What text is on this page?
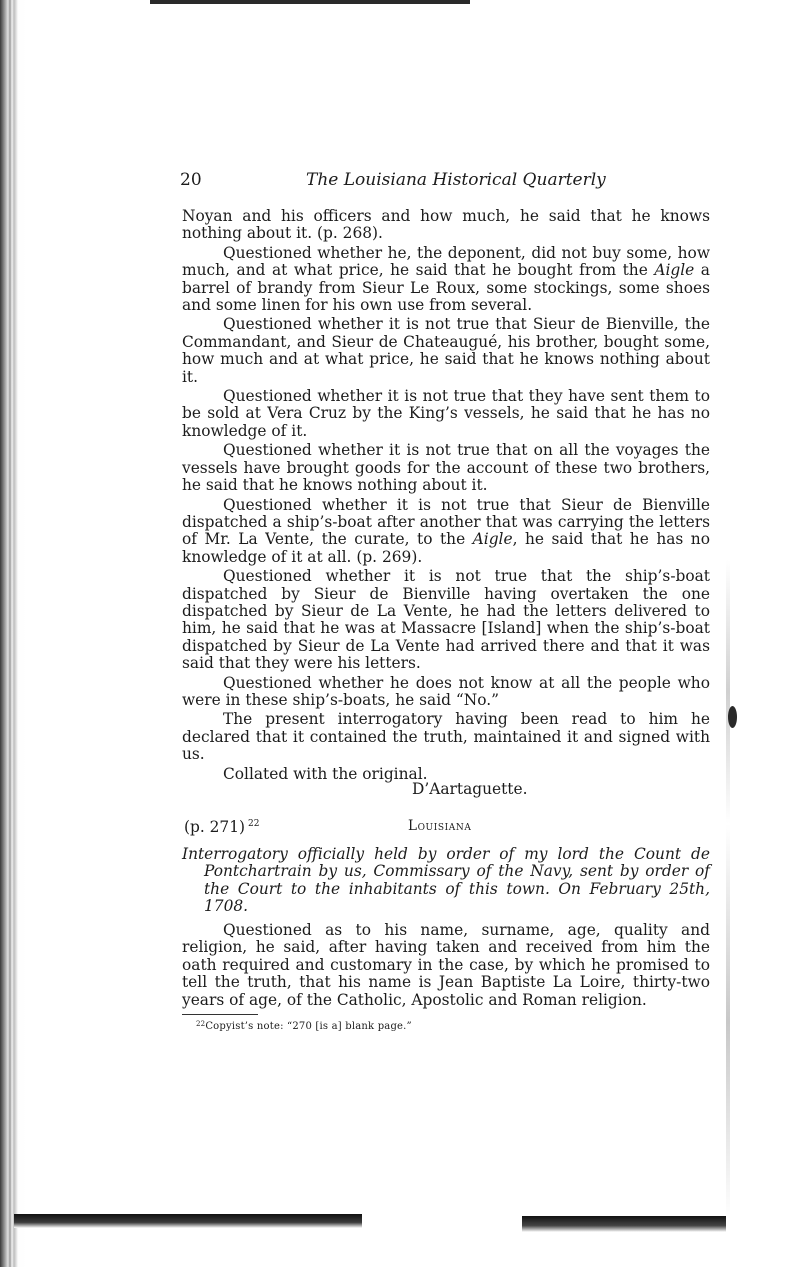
20	The Louisiana Historical Quarterly

Noyan and his officers and how much, he said that he knows nothing about it. (p. 268).

Questioned whether he, the deponent, did not buy some, how much, and at what price, he said that he bought from the Aigle a barrel of brandy from Sieur Le Roux, some stockings, some shoes and some linen for his own use from several.

Questioned whether it is not true that Sieur de Bienville, the Commandant, and Sieur de Chateaugué, his brother, bought some, how much and at what price, he said that he knows nothing about it.

Questioned whether it is not true that they have sent them to be sold at Vera Cruz by the King’s vessels, he said that he has no knowledge of it.

Questioned whether it is not true that on all the voyages the vessels have brought goods for the account of these two brothers, he said that he knows nothing about it.

Questioned whether it is not true that Sieur de Bienville dispatched a ship’s-boat after another that was carrying the letters of Mr. La Vente, the curate, to the Aigle, he said that he has no knowledge of it at all. (p. 269).

Questioned whether it is not true that the ship’s-boat dispatched by Sieur de Bienville having overtaken the one dispatched by Sieur de La Vente, he had the letters delivered to him, he said that he was at Massacre [Island] when the ship’s-boat dispatched by Sieur de La Vente had arrived there and that it was said that they were his letters.

Questioned whether he does not know at all the people who were in these ship’s-boats, he said “No.”

The present interrogatory having been read to him he declared that it contained the truth, maintained it and signed with us.

Collated with the original.

D’Aartaguette.
(p. 271) $^{22}$	Louisiana

Interrogatory officially held by order of my lord the Count de Pontchartrain by us, Commissary of the Navy, sent by order of the Court to the inhabitants of this town. On February 25th, 1708.

Questioned as to his name, surname, age, quality and religion, he said, after having taken and received from him the oath required and customary in the case, by which he promised to tell the truth, that his name is Jean Baptiste La Loire, thirty-two years of age, of the Catholic, Apostolic and Roman religion.

$^{22}$Copyist’s note: “270 [is a] blank page.”
